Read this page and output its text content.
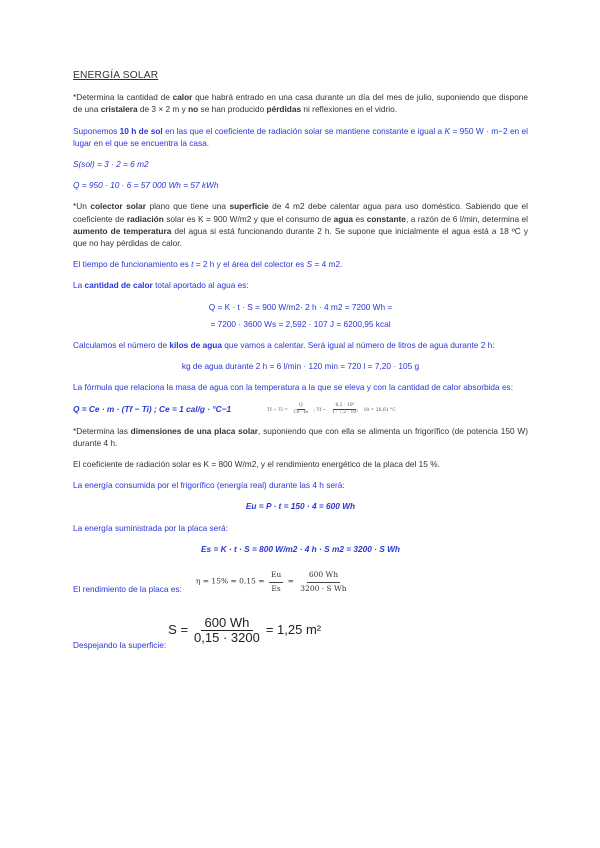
ENERGÍA SOLAR

*Determina la cantidad de calor que habrá entrado en una casa durante un día del mes de julio, suponiendo que dispone de una cristalera de 3 × 2 m y no se han producido pérdidas ni reflexiones en el vidrio.

Suponemos 10 h de sol en las que el coeficiente de radiación solar se mantiene constante e igual a K = 950 W · m−2 en el lugar en el que se encuentra la casa.

S(sol) = 3 · 2 = 6 m2

Q = 950 · 10 · 6 = 57 000 Wh = 57 kWh

*Un colector solar plano que tiene una superficie de 4 m2 debe calentar agua para uso doméstico. Sabiendo que el coeficiente de radiación solar es K = 900 W/m2 y que el consumo de agua es constante, a razón de 6 l/min, determina el aumento de temperatura del agua si está funcionando durante 2 h. Se supone que inicialmente el agua está a 18 ºC y que no hay pérdidas de calor.

El tiempo de funcionamiento es t = 2 h y el área del colector es S = 4 m2.

La cantidad de calor total aportado al agua es:

Q = K · t · S = 900 W/m2· 2 h · 4 m2 = 7200 Wh =

= 7200 · 3600 Ws = 2,592 · 107 J = 6200,95 kcal

Calculamos el número de kilos de agua que vamos a calentar. Será igual al número de litros de agua durante 2 h:

kg de agua durante 2 h = 6 l/min · 120 min = 720 l = 7,20 · 105 g

La fórmula que relaciona la masa de agua con la temperatura a la que se eleva y con la cantidad de calor absorbida es:

Q = Ce · m · (Tf − Ti) ; Ce = 1 cal/g · °C−1	$Tf - Ti = \frac{Q}{Ce \cdot m}$ ; $Tf - \frac{\text{6,2 · 10⁶}}{\text{1 · 7,2 · 10⁵}} 18 = 26,61$ °C

*Determina las dimensiones de una placa solar, suponiendo que con ella se alimenta un frigorífico (de potencia 150 W) durante 4 h.

El coeficiente de radiación solar es K = 800 W/m2, y el rendimiento energético de la placa del 15 %.

La energía consumida por el frigorífico (energía real) durante las 4 h será:

Eu = P · t = 150 · 4 = 600 Wh

La energía suministrada por la placa será:

Es = K · t · S = 800 W/m2 · 4 h · S m2 = 3200 · S Wh

El rendimiento de la placa es:
$\eta = 15\% = 0,15 = \frac{Eu}{Es} = \frac{600 Wh}{\text{3200 · S Wh}}$
Despejando la superficie:
$S = \frac{600 Wh}{0,15 \cdot 3200} = 1,25$ m²
